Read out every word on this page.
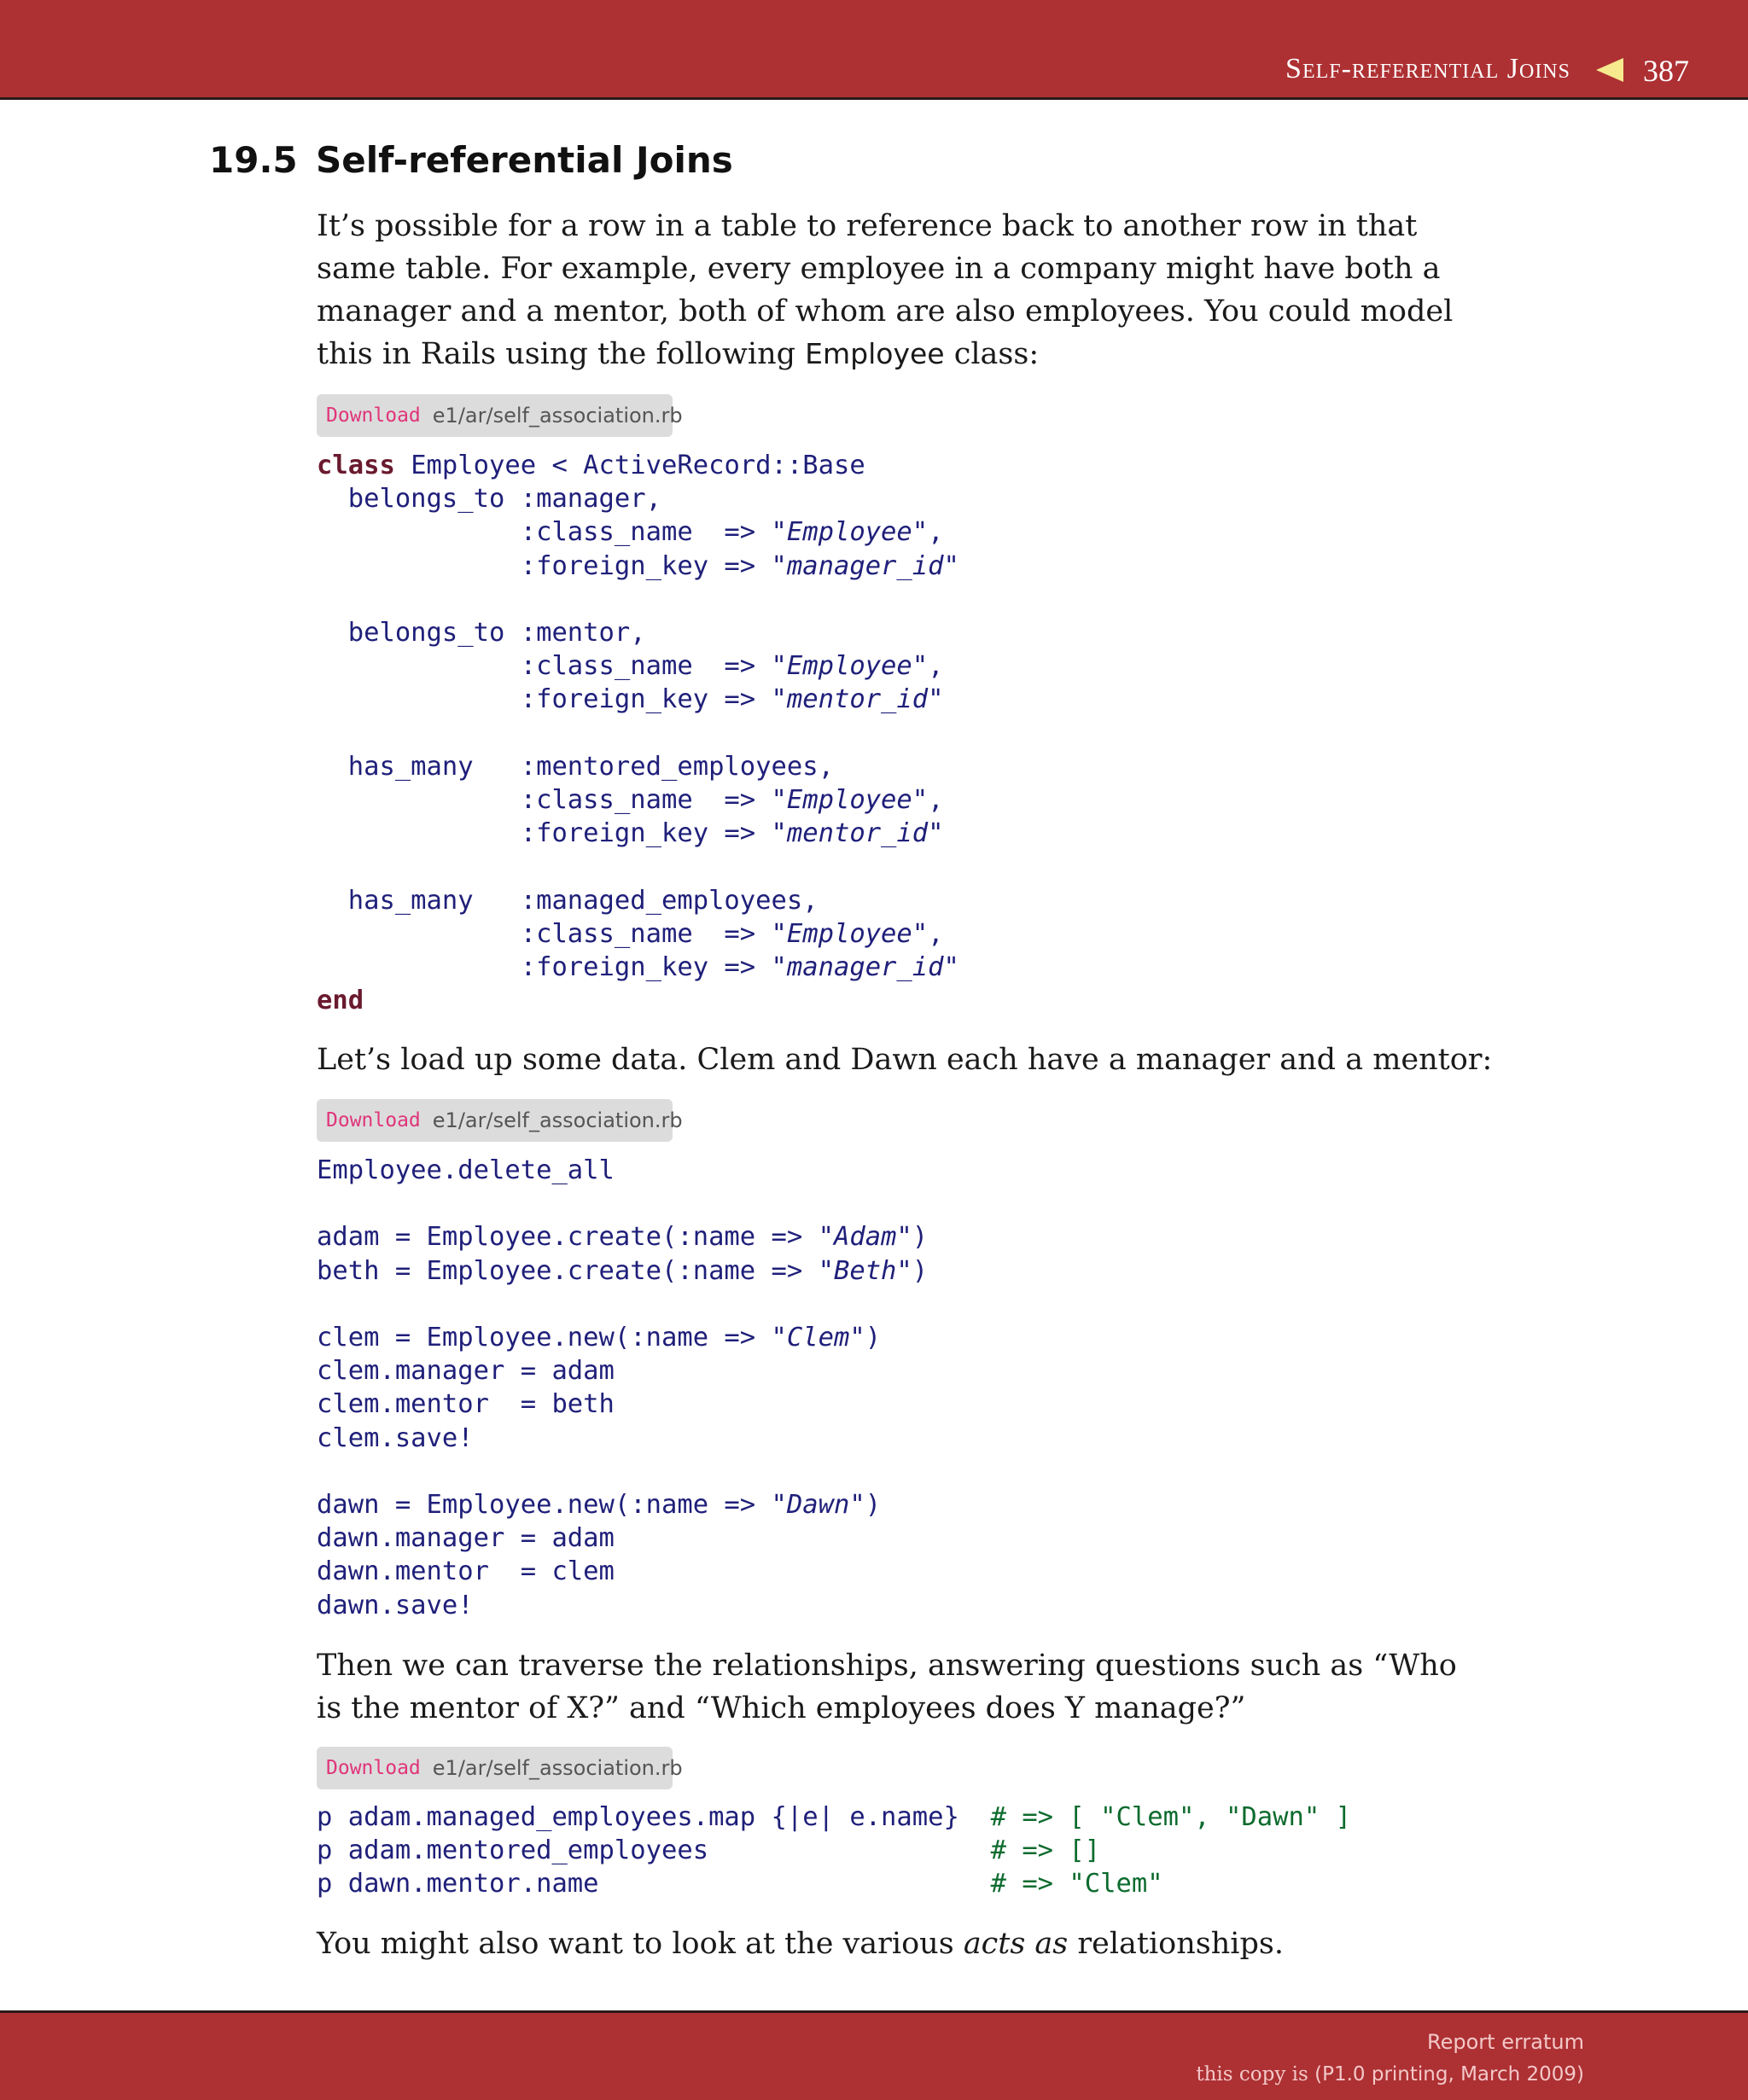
Self-referential Joins 387
19.5 Self-referential Joins

It’s possible for a row in a table to reference back to another row in that same table. For example, every employee in a company might have both a manager and a mentor, both of whom are also employees. You could model this in Rails using the following Employee class:

Download e1/ar/self_association.rb
class Employee < ActiveRecord::Base
belongs_to :manager,
:class_name  => "Employee",
:foreign_key => "manager_id"

belongs_to :mentor,
:class_name  => "Employee",
:foreign_key => "mentor_id"

has_many   :mentored_employees,
:class_name  => "Employee",
:foreign_key => "mentor_id"

has_many   :managed_employees,
:class_name  => "Employee",
:foreign_key => "manager_id"
end

Let’s load up some data. Clem and Dawn each have a manager and a mentor:

Download e1/ar/self_association.rb
Employee.delete_all

adam = Employee.create(:name => "Adam")
beth = Employee.create(:name => "Beth")

clem = Employee.new(:name => "Clem")
clem.manager = adam
clem.mentor  = beth
clem.save!

dawn = Employee.new(:name => "Dawn")
dawn.manager = adam
dawn.mentor  = clem
dawn.save!

Then we can traverse the relationships, answering questions such as “Who is the mentor of X?” and “Which employees does Y manage?”

Download e1/ar/self_association.rb
p adam.managed_employees.map {|e| e.name}  # => [ "Clem", "Dawn" ]
p adam.mentored_employees                  # => []
p dawn.mentor.name                         # => "Clem"

You might also want to look at the various acts as relationships.

Report erratum
this copy is (P1.0 printing, March 2009)
